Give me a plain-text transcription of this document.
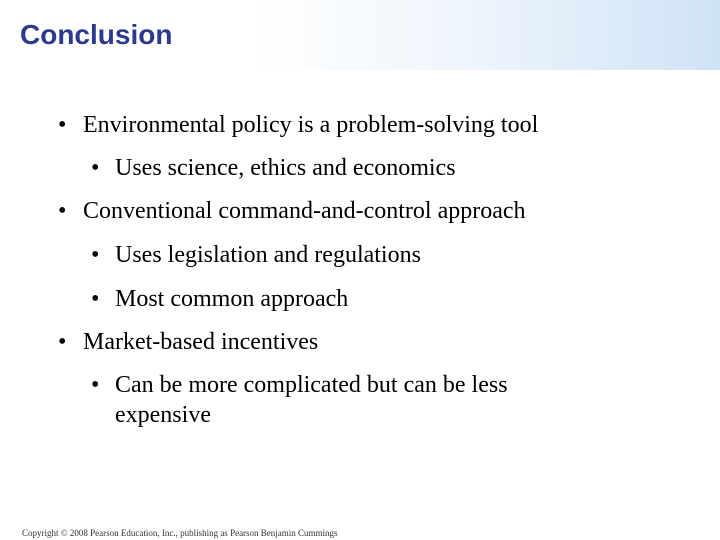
Conclusion
• Environmental policy is a problem-solving tool
• Uses science, ethics and economics
• Conventional command-and-control approach
• Uses legislation and regulations
• Most common approach
• Market-based incentives
• Can be more complicated but can be less expensive
Copyright © 2008 Pearson Education, Inc., publishing as Pearson Benjamin Cummings
